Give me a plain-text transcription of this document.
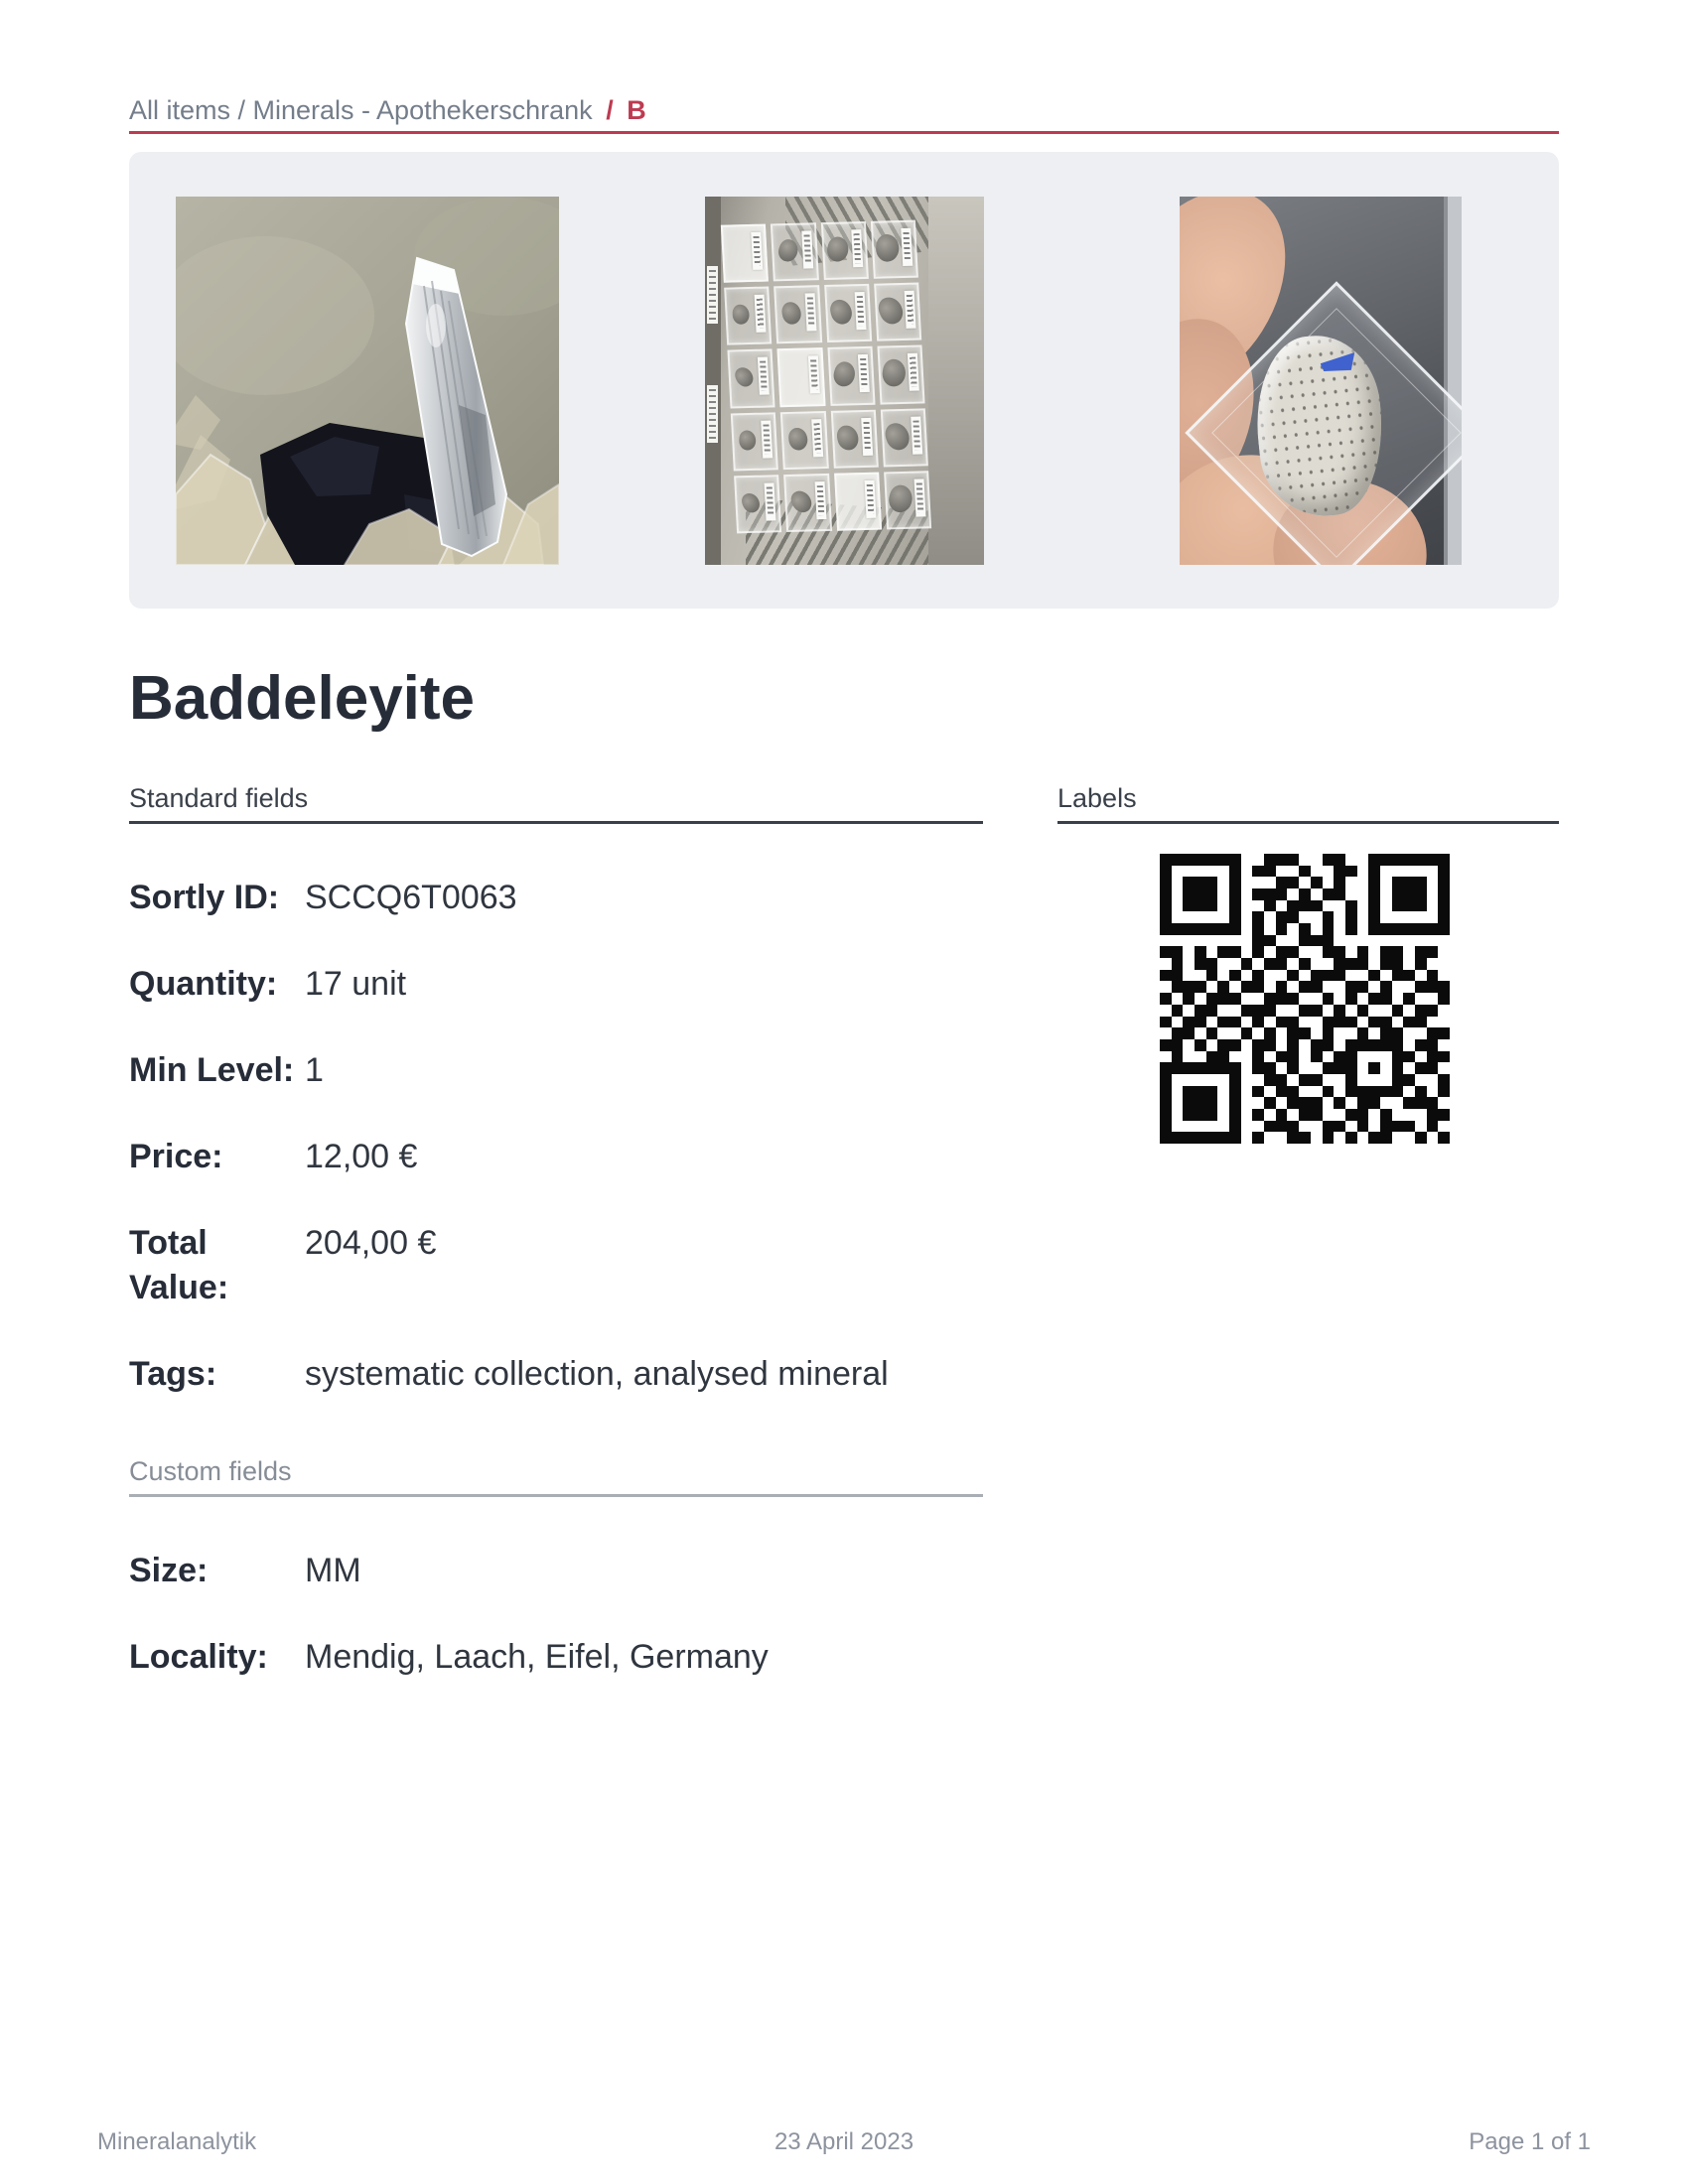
All items / Minerals - Apothekerschrank / B
Baddeleyite
Standard fields
Sortly ID: SCCQ6T0063
Quantity: 17 unit
Min Level: 1
Price:	12,00 €
Total Value:
204,00 €
Tags:	systematic collection, analysed mineral
Custom fields
Size:	MM
Locality:	Mendig, Laach, Eifel, Germany
Labels
Mineralanalytik	23 April 2023	Page 1 of 1
